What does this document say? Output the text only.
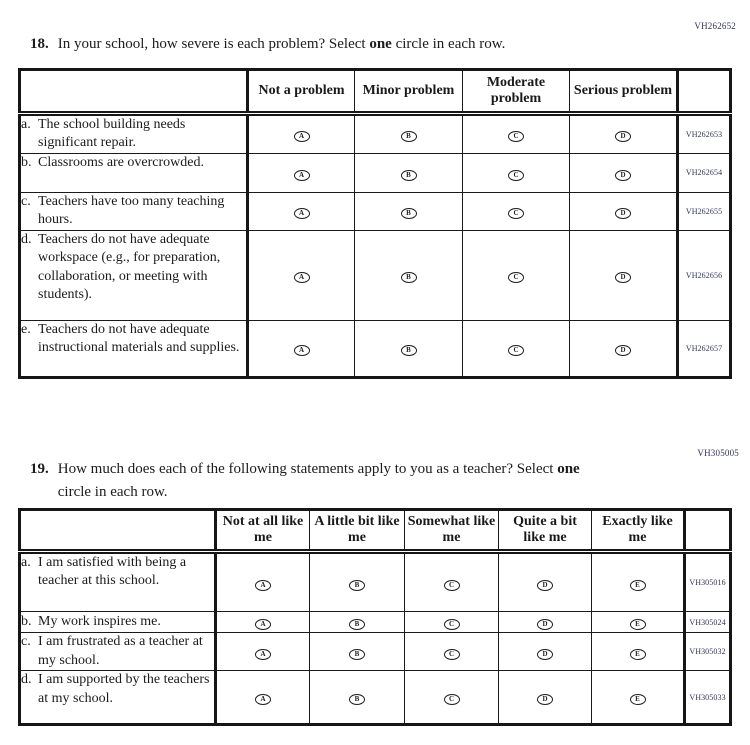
VH262652
18. In your school, how severe is each problem? Select one circle in each row.
	Not a problem	Minor problem	Moderate problem	Serious problem	

a. The school building needs significant repair.	A	B	C	D	VH262653

b. Classrooms are overcrowded.	A	B	C	D	VH262654

c. Teachers have too many teaching hours.	A	B	C	D	VH262655

d. Teachers do not have adequate workspace (e.g., for preparation, collaboration, or meeting with students).	A	B	C	D	VH262656

e. Teachers do not have adequate instructional materials and supplies.	A	B	C	D	VH262657
VH305005
19. How much does each of the following statements apply to you as a teacher? Select one
circle in each row.
	Not at all like me	A little bit like me	Somewhat like me	Quite a bit like me	Exactly like me	

a. I am satisfied with being a teacher at this school.	A	B	C	D	E	VH305016

b. My work inspires me.	A	B	C	D	E	VH305024

c. I am frustrated as a teacher at my school.	A	B	C	D	E	VH305032

d. I am supported by the teachers at my school.	A	B	C	D	E	VH305033
